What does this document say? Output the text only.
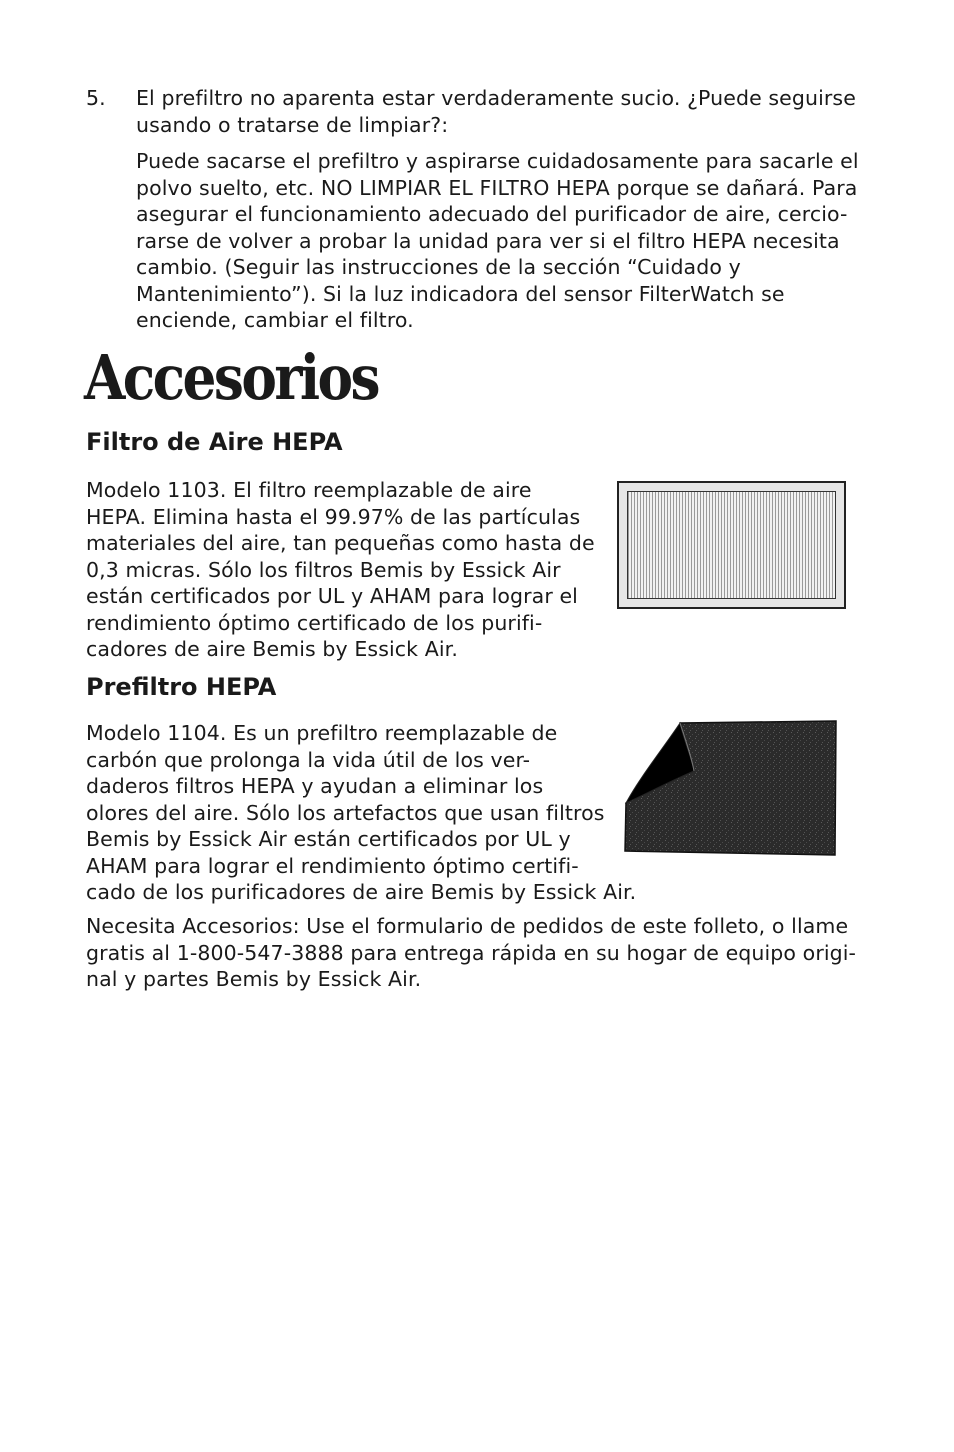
5.	El prefiltro no aparenta estar verdaderamente sucio. ¿Puede seguirse
usando o tratarse de limpiar?:
Puede sacarse el prefiltro y aspirarse cuidadosamente para sacarle el
polvo suelto, etc. NO LIMPIAR EL FILTRO HEPA porque se dañará. Para
asegurar el funcionamiento adecuado del purificador de aire, cercio-
rarse de volver a probar la unidad para ver si el filtro HEPA necesita
cambio. (Seguir las instrucciones de la sección “Cuidado y
Mantenimiento”). Si la luz indicadora del sensor FilterWatch se
enciende, cambiar el filtro.
Accesorios
Filtro de Aire HEPA
Modelo 1103. El filtro reemplazable de aire
HEPA. Elimina hasta el 99.97% de las partículas
materiales del aire, tan pequeñas como hasta de
0,3 micras. Sólo los filtros Bemis by Essick Air
están certificados por UL y AHAM para lograr el
rendimiento óptimo certificado de los purifi-
cadores de aire Bemis by Essick Air.
Prefiltro HEPA
Modelo 1104. Es un prefiltro reemplazable de
carbón que prolonga la vida útil de los ver-
daderos filtros HEPA y ayudan a eliminar los
olores del aire. Sólo los artefactos que usan filtros
Bemis by Essick Air están certificados por UL y
AHAM para lograr el rendimiento óptimo certifi-
cado de los purificadores de aire Bemis by Essick Air.
Necesita Accesorios: Use el formulario de pedidos de este folleto, o llame
gratis al 1-800-547-3888 para entrega rápida en su hogar de equipo origi-
nal y partes Bemis by Essick Air.
